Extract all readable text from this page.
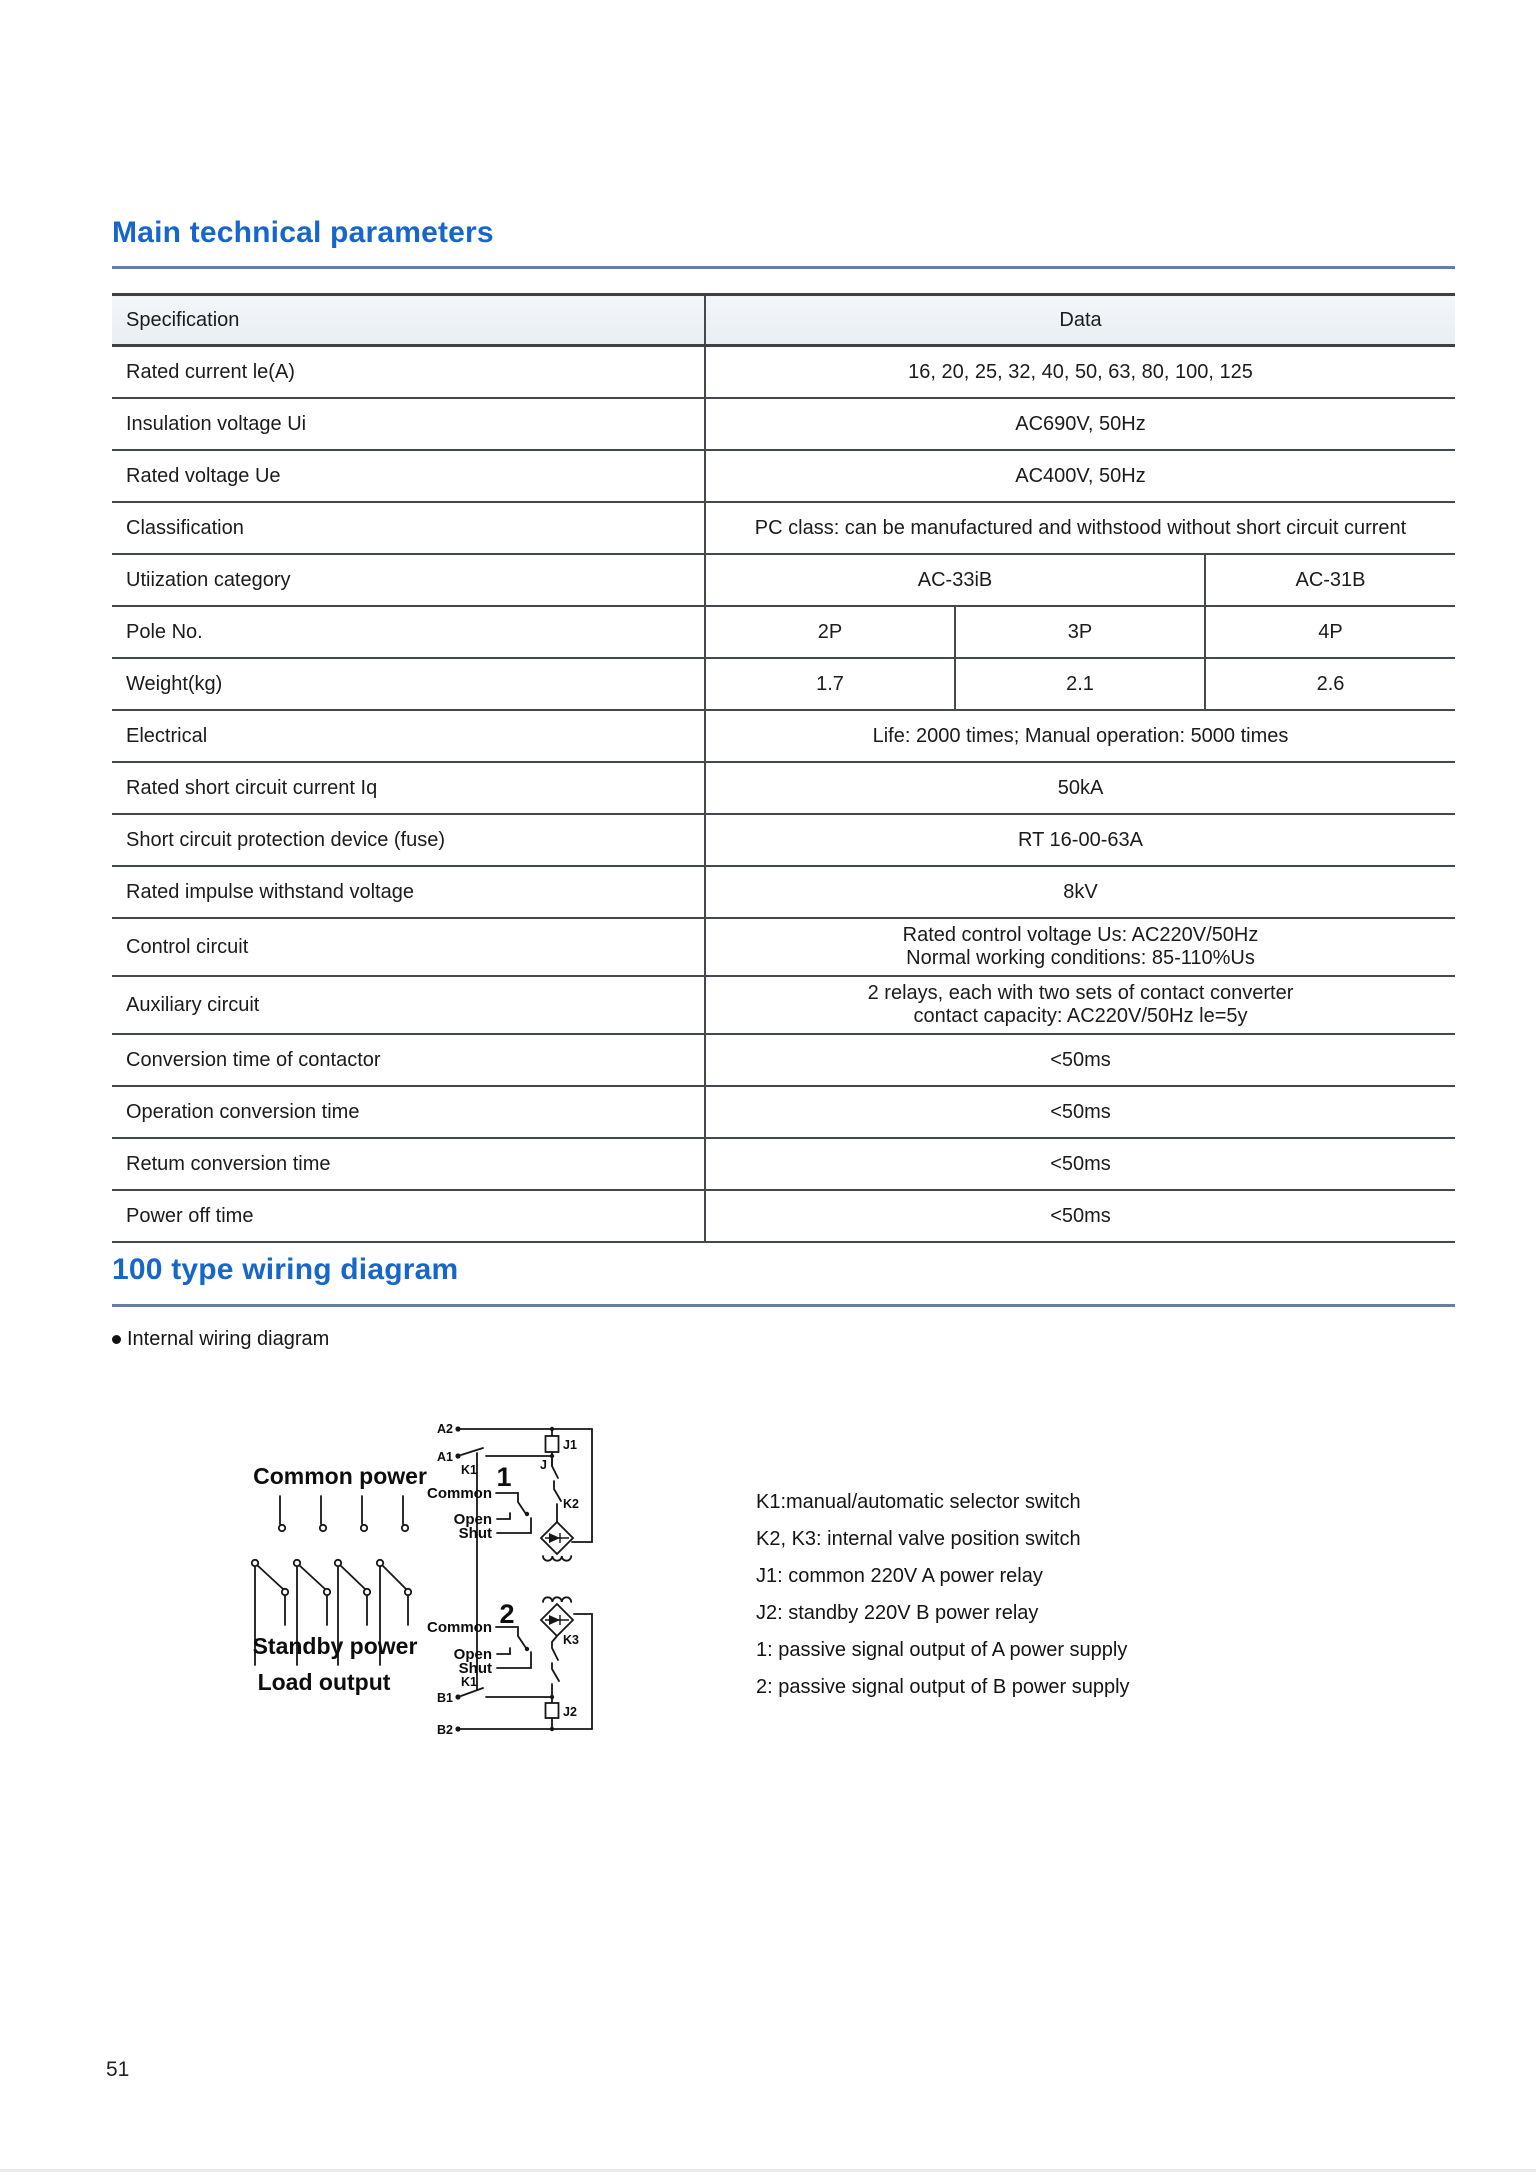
Main technical parameters
Specification	Data		
Rated current le(A)	16, 20, 25, 32, 40, 50, 63, 80, 100, 125		
Insulation voltage Ui	AC690V, 50Hz		
Rated voltage Ue	AC400V, 50Hz		
Classification	PC class: can be manufactured and withstood without short circuit current		
Utiization category	AC-33iB		AC-31B
Pole No.	2P	3P	4P
Weight(kg)	1.7	2.1	2.6
Electrical	Life: 2000 times; Manual operation: 5000 times		
Rated short circuit current Iq	50kA		
Short circuit protection device (fuse)	RT 16-00-63A		
Rated impulse withstand voltage	8kV		
Control circuit	Rated control voltage Us: AC220V/50Hz
Normal working conditions: 85-110%Us		

Auxiliary circuit	2 relays, each with two sets of contact converter
contact capacity: AC220V/50Hz le=5y		

Conversion time of contactor	<50ms		
Operation conversion time	<50ms		
Retum conversion time	<50ms		
Power off time	<50ms		
100 type wiring diagram
Internal wiring diagram
Common power
Standby power
Load output
A2
J1
A1
K1 1
Common
Open
Shut
J
K2
K3
2
Common
Open
Shut
K1
B1
J2
B2
K1:manual/automatic selector switch
K2, K3: internal valve position switch
J1: common 220V A power relay
J2: standby 220V B power relay
1: passive signal output of A power supply
2: passive signal output of B power supply
51
